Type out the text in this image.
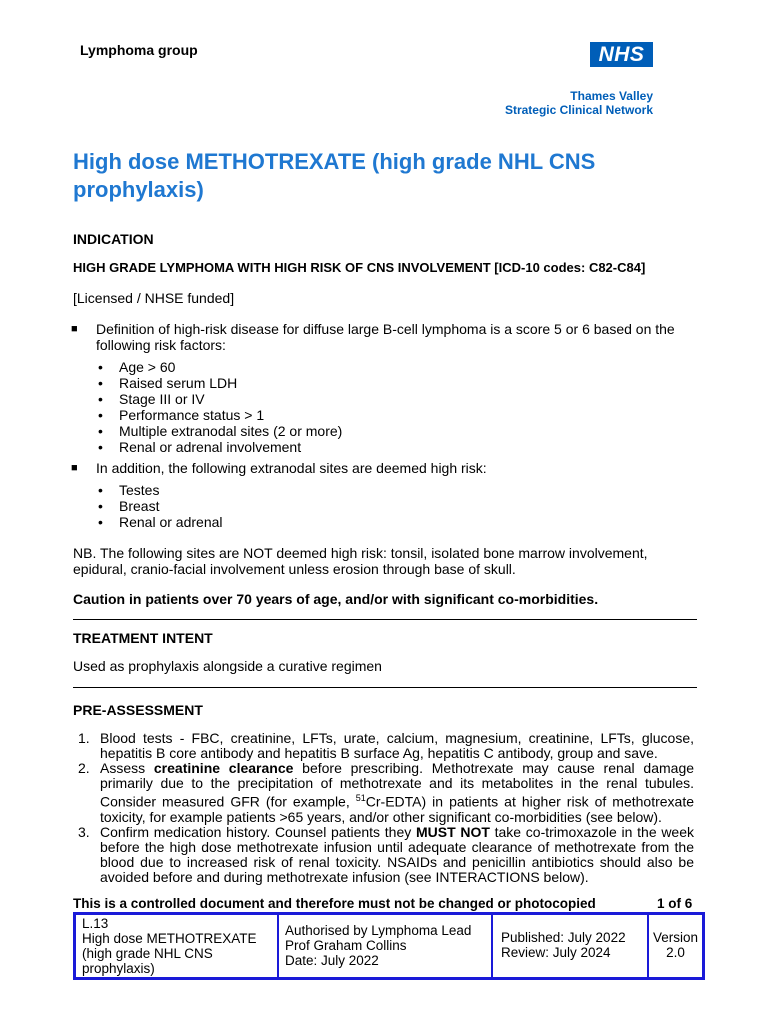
Lymphoma group	NHS
Thames Valley
Strategic Clinical Network
High dose METHOTREXATE (high grade NHL CNS prophylaxis)
INDICATION
HIGH GRADE LYMPHOMA WITH HIGH RISK OF CNS INVOLVEMENT [ICD-10 codes: C82-C84]
[Licensed / NHSE funded]
■ Definition of high-risk disease for diffuse large B-cell lymphoma is a score 5 or 6 based on the following risk factors:
• Age > 60
• Raised serum LDH
• Stage III or IV
• Performance status > 1
• Multiple extranodal sites (2 or more)
• Renal or adrenal involvement
■ In addition, the following extranodal sites are deemed high risk:
• Testes
• Breast
• Renal or adrenal
NB. The following sites are NOT deemed high risk: tonsil, isolated bone marrow involvement, epidural, cranio-facial involvement unless erosion through base of skull.
Caution in patients over 70 years of age, and/or with significant co-morbidities.
TREATMENT INTENT
Used as prophylaxis alongside a curative regimen
PRE-ASSESSMENT
1. Blood tests - FBC, creatinine, LFTs, urate, calcium, magnesium, creatinine, LFTs, glucose, hepatitis B core antibody and hepatitis B surface Ag, hepatitis C antibody, group and save.
2. Assess creatinine clearance before prescribing. Methotrexate may cause renal damage primarily due to the precipitation of methotrexate and its metabolites in the renal tubules. Consider measured GFR (for example, $^{51}$Cr-EDTA) in patients at higher risk of methotrexate toxicity, for example patients >65 years, and/or other significant co-morbidities (see below).
3. Confirm medication history. Counsel patients they MUST NOT take co-trimoxazole in the week before the high dose methotrexate infusion until adequate clearance of methotrexate from the blood due to increased risk of renal toxicity. NSAIDs and penicillin antibiotics should also be avoided before and during methotrexate infusion (see INTERACTIONS below).
This is a controlled document and therefore must not be changed or photocopied	1 of 6
L.13
High dose METHOTREXATE (high grade NHL CNS prophylaxis)
Authorised by Lymphoma Lead
Prof Graham Collins
Date: July 2022
Published: July 2022
Review: July 2024
Version
2.0
